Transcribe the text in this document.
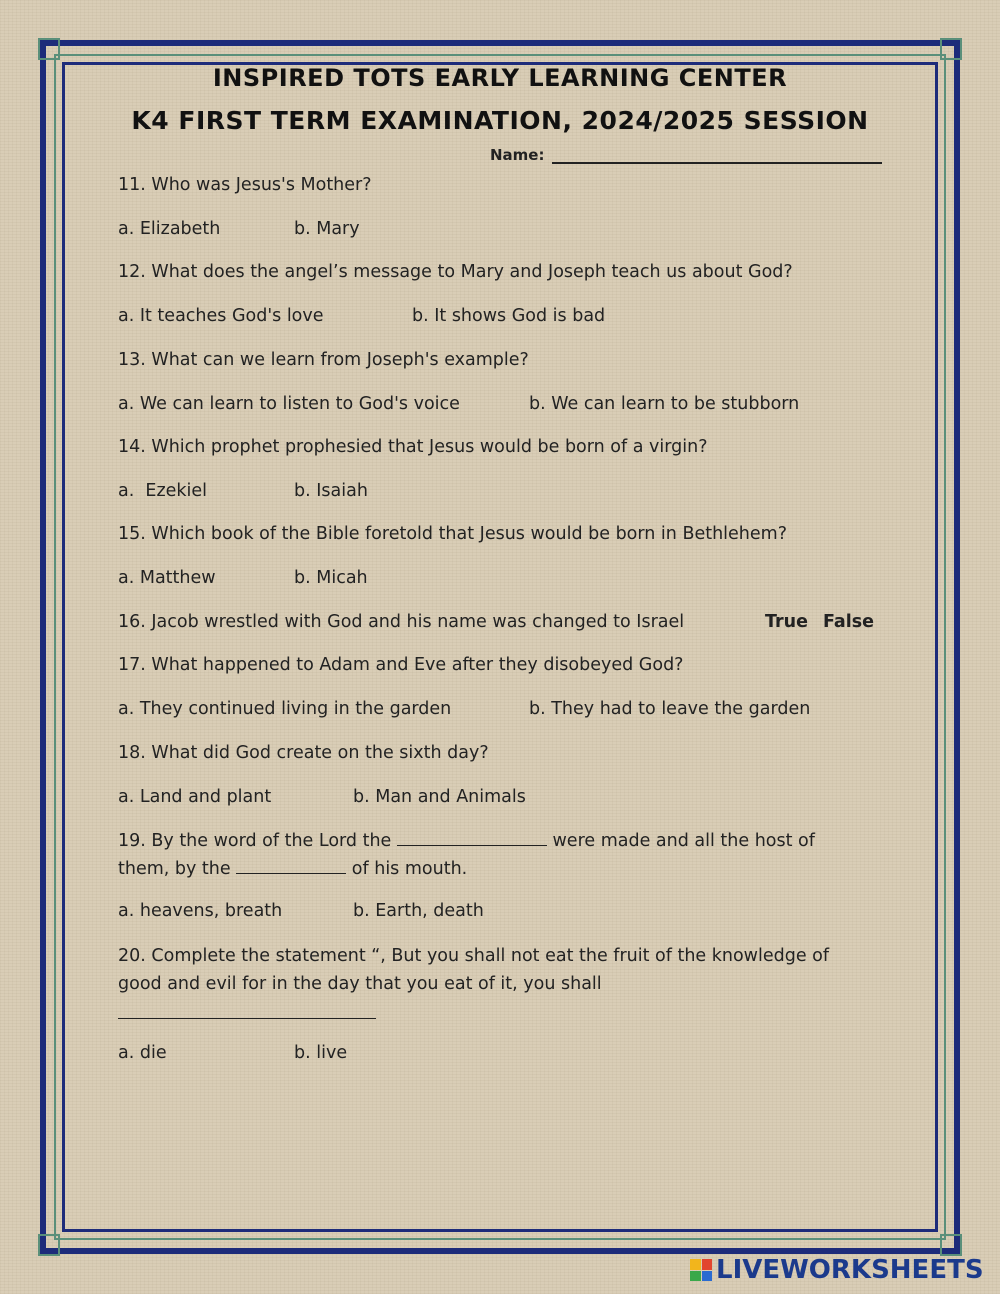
INSPIRED TOTS EARLY LEARNING CENTER
K4 FIRST TERM EXAMINATION, 2024/2025 SESSION
Name:
11. Who was Jesus's Mother?
a. Elizabeth	b. Mary
12. What does the angel’s message to Mary and Joseph teach us about God?
a. It teaches God's love	b. It shows God is bad
13. What can we learn from Joseph's example?
a. We can learn to listen to God's voice	b. We can learn to be stubborn
14. Which prophet prophesied that Jesus would be born of a virgin?
a.  Ezekiel	b. Isaiah
15. Which book of the Bible foretold that Jesus would be born in Bethlehem?
a. Matthew	b. Micah
16. Jacob wrestled with God and his name was changed to Israel	True False
17. What happened to Adam and Eve after they disobeyed God?
a. They continued living in the garden	b. They had to leave the garden
18. What did God create on the sixth day?
a. Land and plant	b. Man and Animals
19. By the word of the Lord the	were made and all the host of them, by the	of his mouth.
a. heavens, breath	b. Earth, death
20. Complete the statement “, But you shall not eat the fruit of the knowledge of good and evil for in the day that you eat of it, you shall
a. die	b. live
LIVEWORKSHEETS
